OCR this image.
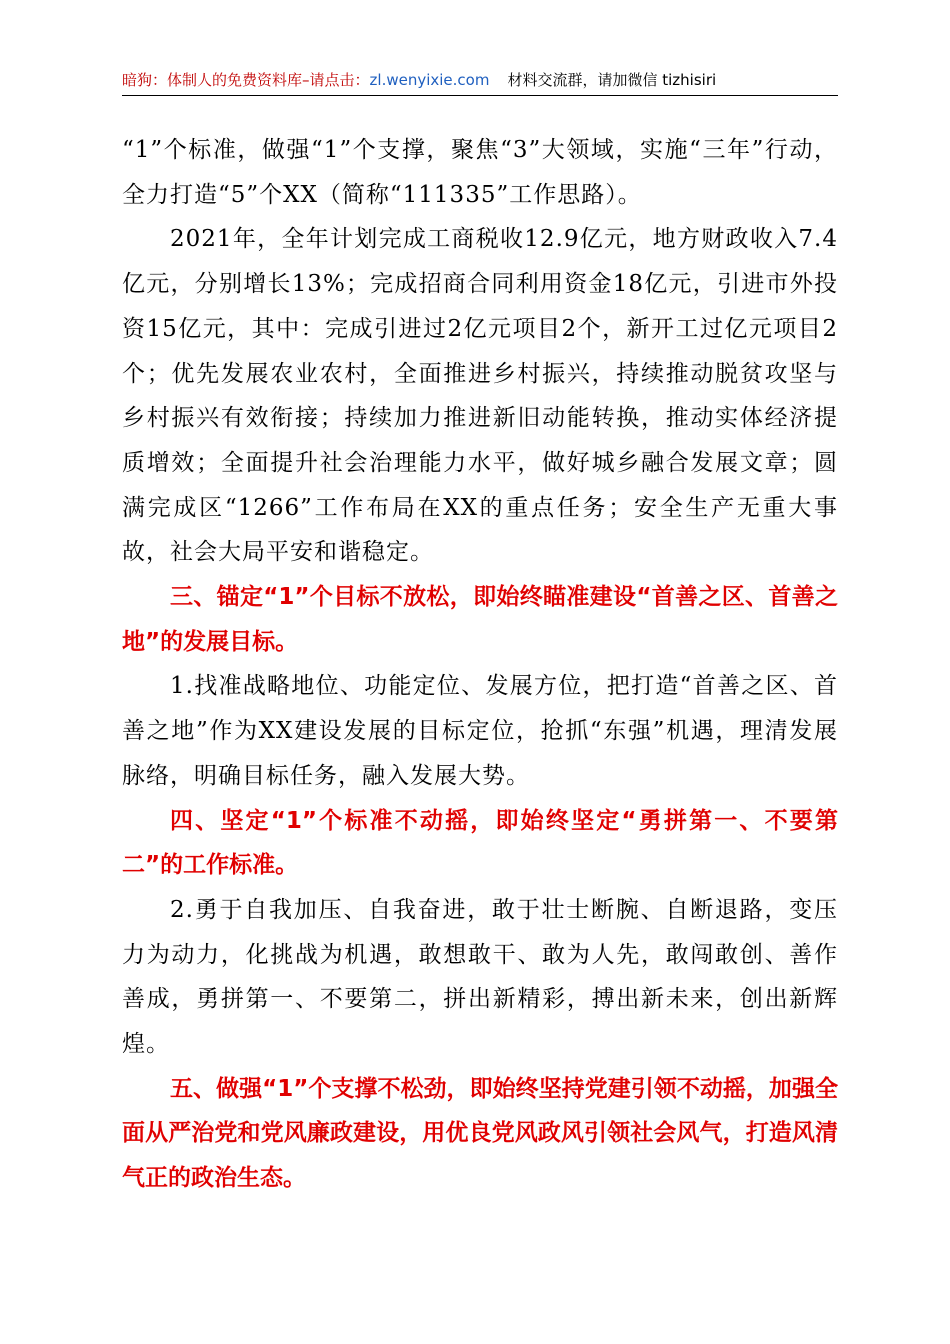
暗狗：体制人的免费资料库–请点击：zl.wenyixie.com 材料交流群，请加微信 tizhisiri

“1”个标准，做强“1”个支撑，聚焦“3”大领域，实施“三年”行动，全力打造“5”个XX（简称“111335”工作思路）。

2021年，全年计划完成工商税收12.9亿元，地方财政收入7.4亿元，分别增长13%；完成招商合同利用资金18亿元，引进市外投资15亿元，其中：完成引进过2亿元项目2个，新开工过亿元项目2个；优先发展农业农村，全面推进乡村振兴，持续推动脱贫攻坚与乡村振兴有效衔接；持续加力推进新旧动能转换，推动实体经济提质增效；全面提升社会治理能力水平，做好城乡融合发展文章；圆满完成区“1266”工作布局在XX的重点任务；安全生产无重大事故，社会大局平安和谐稳定。

三、锚定“1”个目标不放松，即始终瞄准建设“首善之区、首善之地”的发展目标。

1.找准战略地位、功能定位、发展方位，把打造“首善之区、首善之地”作为XX建设发展的目标定位，抢抓“东强”机遇，理清发展脉络，明确目标任务，融入发展大势。

四、坚定“1”个标准不动摇，即始终坚定“勇拼第一、不要第二”的工作标准。

2.勇于自我加压、自我奋进，敢于壮士断腕、自断退路，变压力为动力，化挑战为机遇，敢想敢干、敢为人先，敢闯敢创、善作善成，勇拼第一、不要第二，拼出新精彩，搏出新未来，创出新辉煌。

五、做强“1”个支撑不松劲，即始终坚持党建引领不动摇，加强全面从严治党和党风廉政建设，用优良党风政风引领社会风气，打造风清气正的政治生态。
